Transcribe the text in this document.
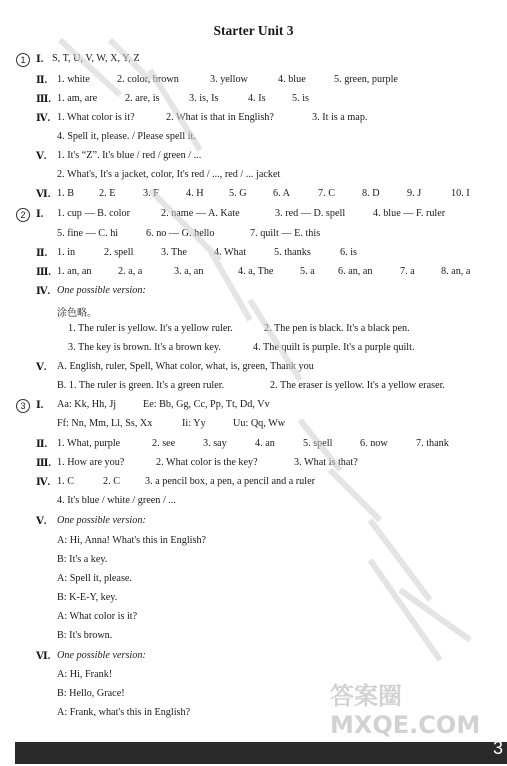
Starter Unit 3
1	Ⅰ. S, T, U, V, W, X, Y, Z
Ⅱ. 1. white	2. color, brown	3. yellow	4. blue	5. green, purple
Ⅲ. 1. am, are	2. are, is	3. is, Is	4. Is	5. is
Ⅳ. 1. What color is it?	2. What is that in English?	3. It is a map.
4. Spell it, please. / Please spell it.
Ⅴ. 1. It's “Z”. It's blue / red / green / ...
2. What's, It's a jacket, color, It's red / ..., red / ... jacket
Ⅵ. 1. B 2. E	3. F	4. H 5. G	6. A	7. C	8. D	9. J	10. I
2	Ⅰ. 1. cup — B. color	2. name — A. Kate	3. red — D. spell	4. blue — F. ruler
5. fine — C. hi	6. no — G. hello	7. quilt — E. this
Ⅱ. 1. in	2. spell	3. The	4. What	5. thanks	6. is
Ⅲ. 1. an, an	2. a, a	3. a, an	4. a, The	5. a 6. an, an	7. a	8. an, a
Ⅳ. One possible version:
涂色略。
1. The ruler is yellow. It's a yellow ruler.	2. The pen is black. It's a black pen.
3. The key is brown. It's a brown key.	4. The quilt is purple. It's a purple quilt.
Ⅴ. A. English, ruler, Spell, What color, what, is, green, Thank you
B. 1. The ruler is green. It's a green ruler.	2. The eraser is yellow. It's a yellow eraser.
3	Ⅰ. Aa: Kk, Hh, Jj	Ee: Bb, Gg, Cc, Pp, Tt, Dd, Vv
Ff: Nn, Mm, Ll, Ss, Xx	Ii: Yy	Uu: Qq, Ww
Ⅱ. 1. What, purple	2. see	3. say	4. an	5. spell	6. now	7. thank
Ⅲ. 1. How are you?	2. What color is the key?	3. What is that?
Ⅳ. 1. C	2. C 3. a pencil box, a pen, a pencil and a ruler
4. It's blue / white / green / ...
Ⅴ. One possible version:
A: Hi, Anna! What's this in English?
B: It's a key.
A: Spell it, please.
B: K-E-Y, key.
A: What color is it?
B: It's brown.
Ⅵ. One possible version:
A: Hi, Frank!
B: Hello, Grace!
A: Frank, what's this in English?
答案圈 MXQE.COM
3
